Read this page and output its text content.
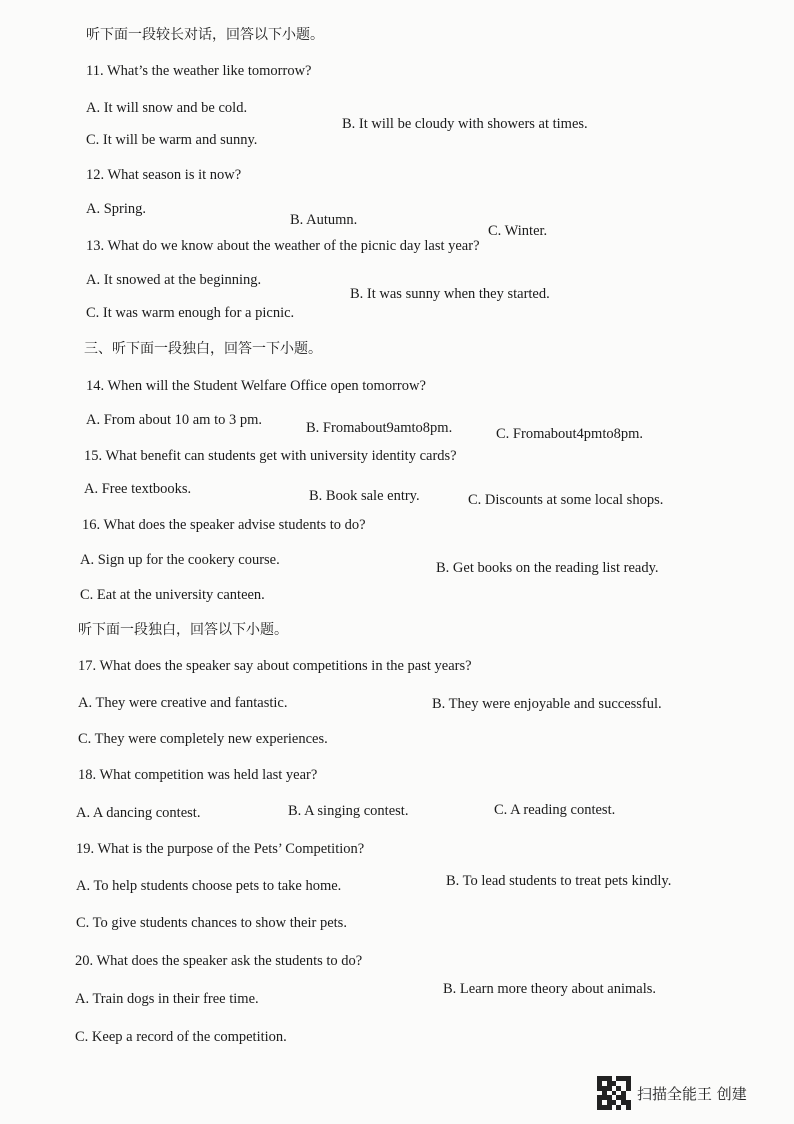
听下面一段较长对话，回答以下小题。
11. What’s the weather like tomorrow?
A. It will snow and be cold.
B. It will be cloudy with showers at times.
C. It will be warm and sunny.
12. What season is it now?
A. Spring.
B. Autumn.
C. Winter.
13. What do we know about the weather of the picnic day last year?
A. It snowed at the beginning.
B. It was sunny when they started.
C. It was warm enough for a picnic.
三、听下面一段独白，回答一下小题。
14. When will the Student Welfare Office open tomorrow?
A. From about 10 am to 3 pm.	B. Fromabout9amto8pm.	C. Fromabout4pmto8pm.
15. What benefit can students get with university identity cards?
A. Free textbooks.	B. Book sale entry.	C. Discounts at some local shops.
16. What does the speaker advise students to do?
A. Sign up for the cookery course.	B. Get books on the reading list ready.
C. Eat at the university canteen.
听下面一段独白，回答以下小题。
17. What does the speaker say about competitions in the past years?
A. They were creative and fantastic.	B. They were enjoyable and successful.
C. They were completely new experiences.
18. What competition was held last year?
A. A dancing contest.	B. A singing contest.	C. A reading contest.
19. What is the purpose of the Pets’ Competition?
A. To help students choose pets to take home.	B. To lead students to treat pets kindly.
C. To give students chances to show their pets.
20. What does the speaker ask the students to do?
A. Train dogs in their free time.
B. Learn more theory about animals.
C. Keep a record of the competition.
扫描全能王 创建
